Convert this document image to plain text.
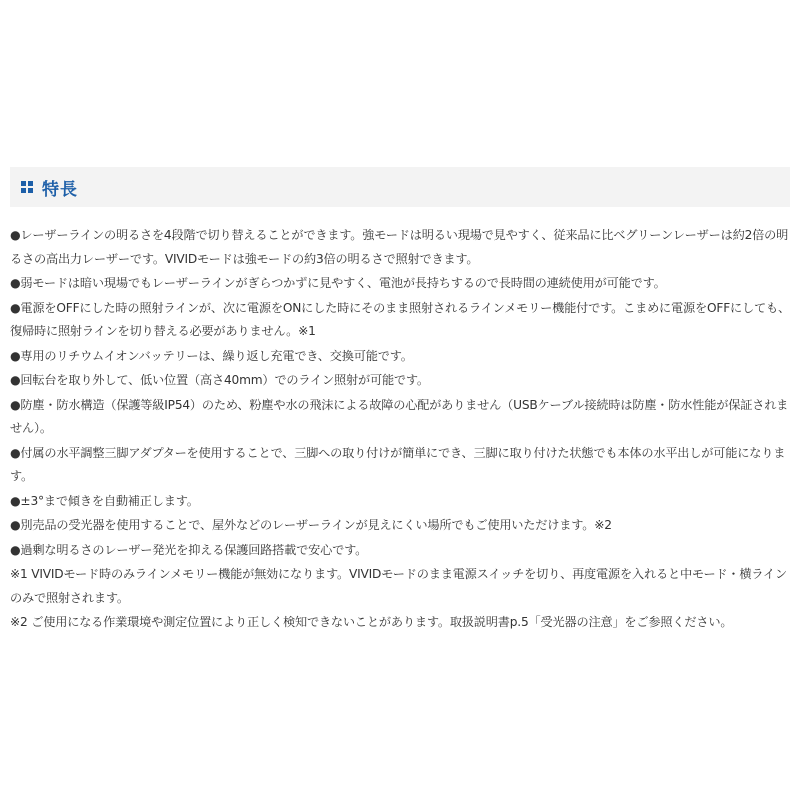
特長

●レーザーラインの明るさを4段階で切り替えることができます。強モードは明るい現場で見やすく、従来品に比べグリーンレーザーは約2倍の明るさの高出力レーザーです。VIVIDモードは強モードの約3倍の明るさで照射できます。

●弱モードは暗い現場でもレーザーラインがぎらつかずに見やすく、電池が長持ちするので長時間の連続使用が可能です。

●電源をOFFにした時の照射ラインが、次に電源をONにした時にそのまま照射されるラインメモリー機能付です。こまめに電源をOFFにしても、復帰時に照射ラインを切り替える必要がありません。※1

●専用のリチウムイオンバッテリーは、繰り返し充電でき、交換可能です。

●回転台を取り外して、低い位置（高さ40mm）でのライン照射が可能です。

●防塵・防水構造（保護等級IP54）のため、粉塵や水の飛沫による故障の心配がありません（USBケーブル接続時は防塵・防水性能が保証されません）。

●付属の水平調整三脚アダプターを使用することで、三脚への取り付けが簡単にでき、三脚に取り付けた状態でも本体の水平出しが可能になります。

●±3°まで傾きを自動補正します。

●別売品の受光器を使用することで、屋外などのレーザーラインが見えにくい場所でもご使用いただけます。※2

●過剰な明るさのレーザー発光を抑える保護回路搭載で安心です。

※1 VIVIDモード時のみラインメモリー機能が無効になります。VIVIDモードのまま電源スイッチを切り、再度電源を入れると中モード・横ラインのみで照射されます。

※2 ご使用になる作業環境や測定位置により正しく検知できないことがあります。取扱説明書p.5「受光器の注意」をご参照ください。
